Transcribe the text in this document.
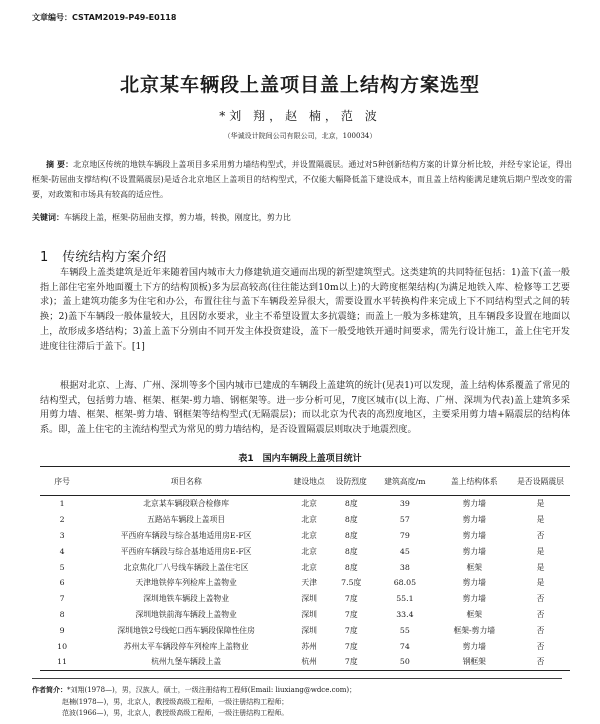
文章编号：CSTAM2019-P49-E0118
北京某车辆段上盖项目盖上结构方案选型
*刘 翔，赵 楠，范 波
（华诚设计院间公司有限公司，北京，100034）

摘 要：北京地区传统的地铁车辆段上盖项目多采用剪力墙结构型式，并设置隔震层。通过对5种创新结构方案的计算分析比较，并经专家论证，得出框架-防屈曲支撑结构(不设置隔震层)是适合北京地区上盖项目的结构型式，不仅能大幅降低盖下建设成本，而且盖上结构能满足建筑后期户型改变的需要，对政策和市场具有较高的适应性。

关键词：车辆段上盖，框架-防屈曲支撑，剪力墙，转换，刚度比，剪力比

1 传统结构方案介绍

车辆段上盖类建筑是近年来随着国内城市大力修建轨道交通而出现的新型建筑型式。这类建筑的共同特征包括：1)盖下(盖一般指上部住宅室外地面覆土下方的结构顶板)多为层高较高(往往能达到10m以上)的大跨度框架结构(为满足地铁入库、检修等工艺要求)；盖上建筑功能多为住宅和办公，布置往往与盖下车辆段差异很大，需要设置水平转换构件来完成上下不同结构型式之间的转换；2)盖下车辆段一般体量较大，且因防水要求，业主不希望设置太多抗震缝；而盖上一般为多栋建筑，且车辆段多设置在地面以上，故形成多塔结构；3)盖上盖下分别由不同开发主体投资建设，盖下一般受地铁开通时间要求，需先行设计施工，盖上住宅开发进度往往滞后于盖下。[1]

根据对北京、上海、广州、深圳等多个国内城市已建成的车辆段上盖建筑的统计(见表1)可以发现，盖上结构体系覆盖了常见的结构型式，包括剪力墙、框架、框架-剪力墙、钢框架等。进一步分析可见，7度区城市(以上海、广州、深圳为代表)盖上建筑多采用剪力墙、框架、框架-剪力墙、钢框架等结构型式(无隔震层)；而以北京为代表的高烈度地区，主要采用剪力墙+隔震层的结构体系。即，盖上住宅的主流结构型式为常见的剪力墙结构，是否设置隔震层则取决于地震烈度。

表1　国内车辆段上盖项目统计
序号	项目名称	建设地点	设防烈度	建筑高度/m	盖上结构体系	是否设隔震层
1	北京某车辆段联合检修库	北京	8度	39	剪力墙	是
2	五路站车辆段上盖项目	北京	8度	57	剪力墙	是
3	平西府车辆段与综合基地适用房E-F区	北京	8度	79	剪力墙	否
4	平西府车辆段与综合基地适用房E-F区	北京	8度	45	剪力墙	是
5	北京焦化厂八号线车辆段上盖住宅区	北京	8度	38	框架	是
6	天津地铁停车列检库上盖物业	天津	7.5度	68.05	剪力墙	是
7	深圳地铁车辆段上盖物业	深圳	7度	55.1	剪力墙	否
8	深圳地铁前海车辆段上盖物业	深圳	7度	33.4	框架	否
9	深圳地铁2号线蛇口西车辆段保障性住房	深圳	7度	55	框架-剪力墙	否
10	苏州太平车辆段停车列检库上盖物业	苏州	7度	74	剪力墙	否
11	杭州九堡车辆段上盖	杭州	7度	50	钢框架	否
作者简介：*刘翔(1978—)，男，汉族人，硕士，一级注册结构工程师(Email: liuxiang@wdce.com)；
赵楠(1978—)，男，北京人，教授级高级工程师，一级注册结构工程师；
范波(1966—)，男，北京人，教授级高级工程师，一级注册结构工程师。
